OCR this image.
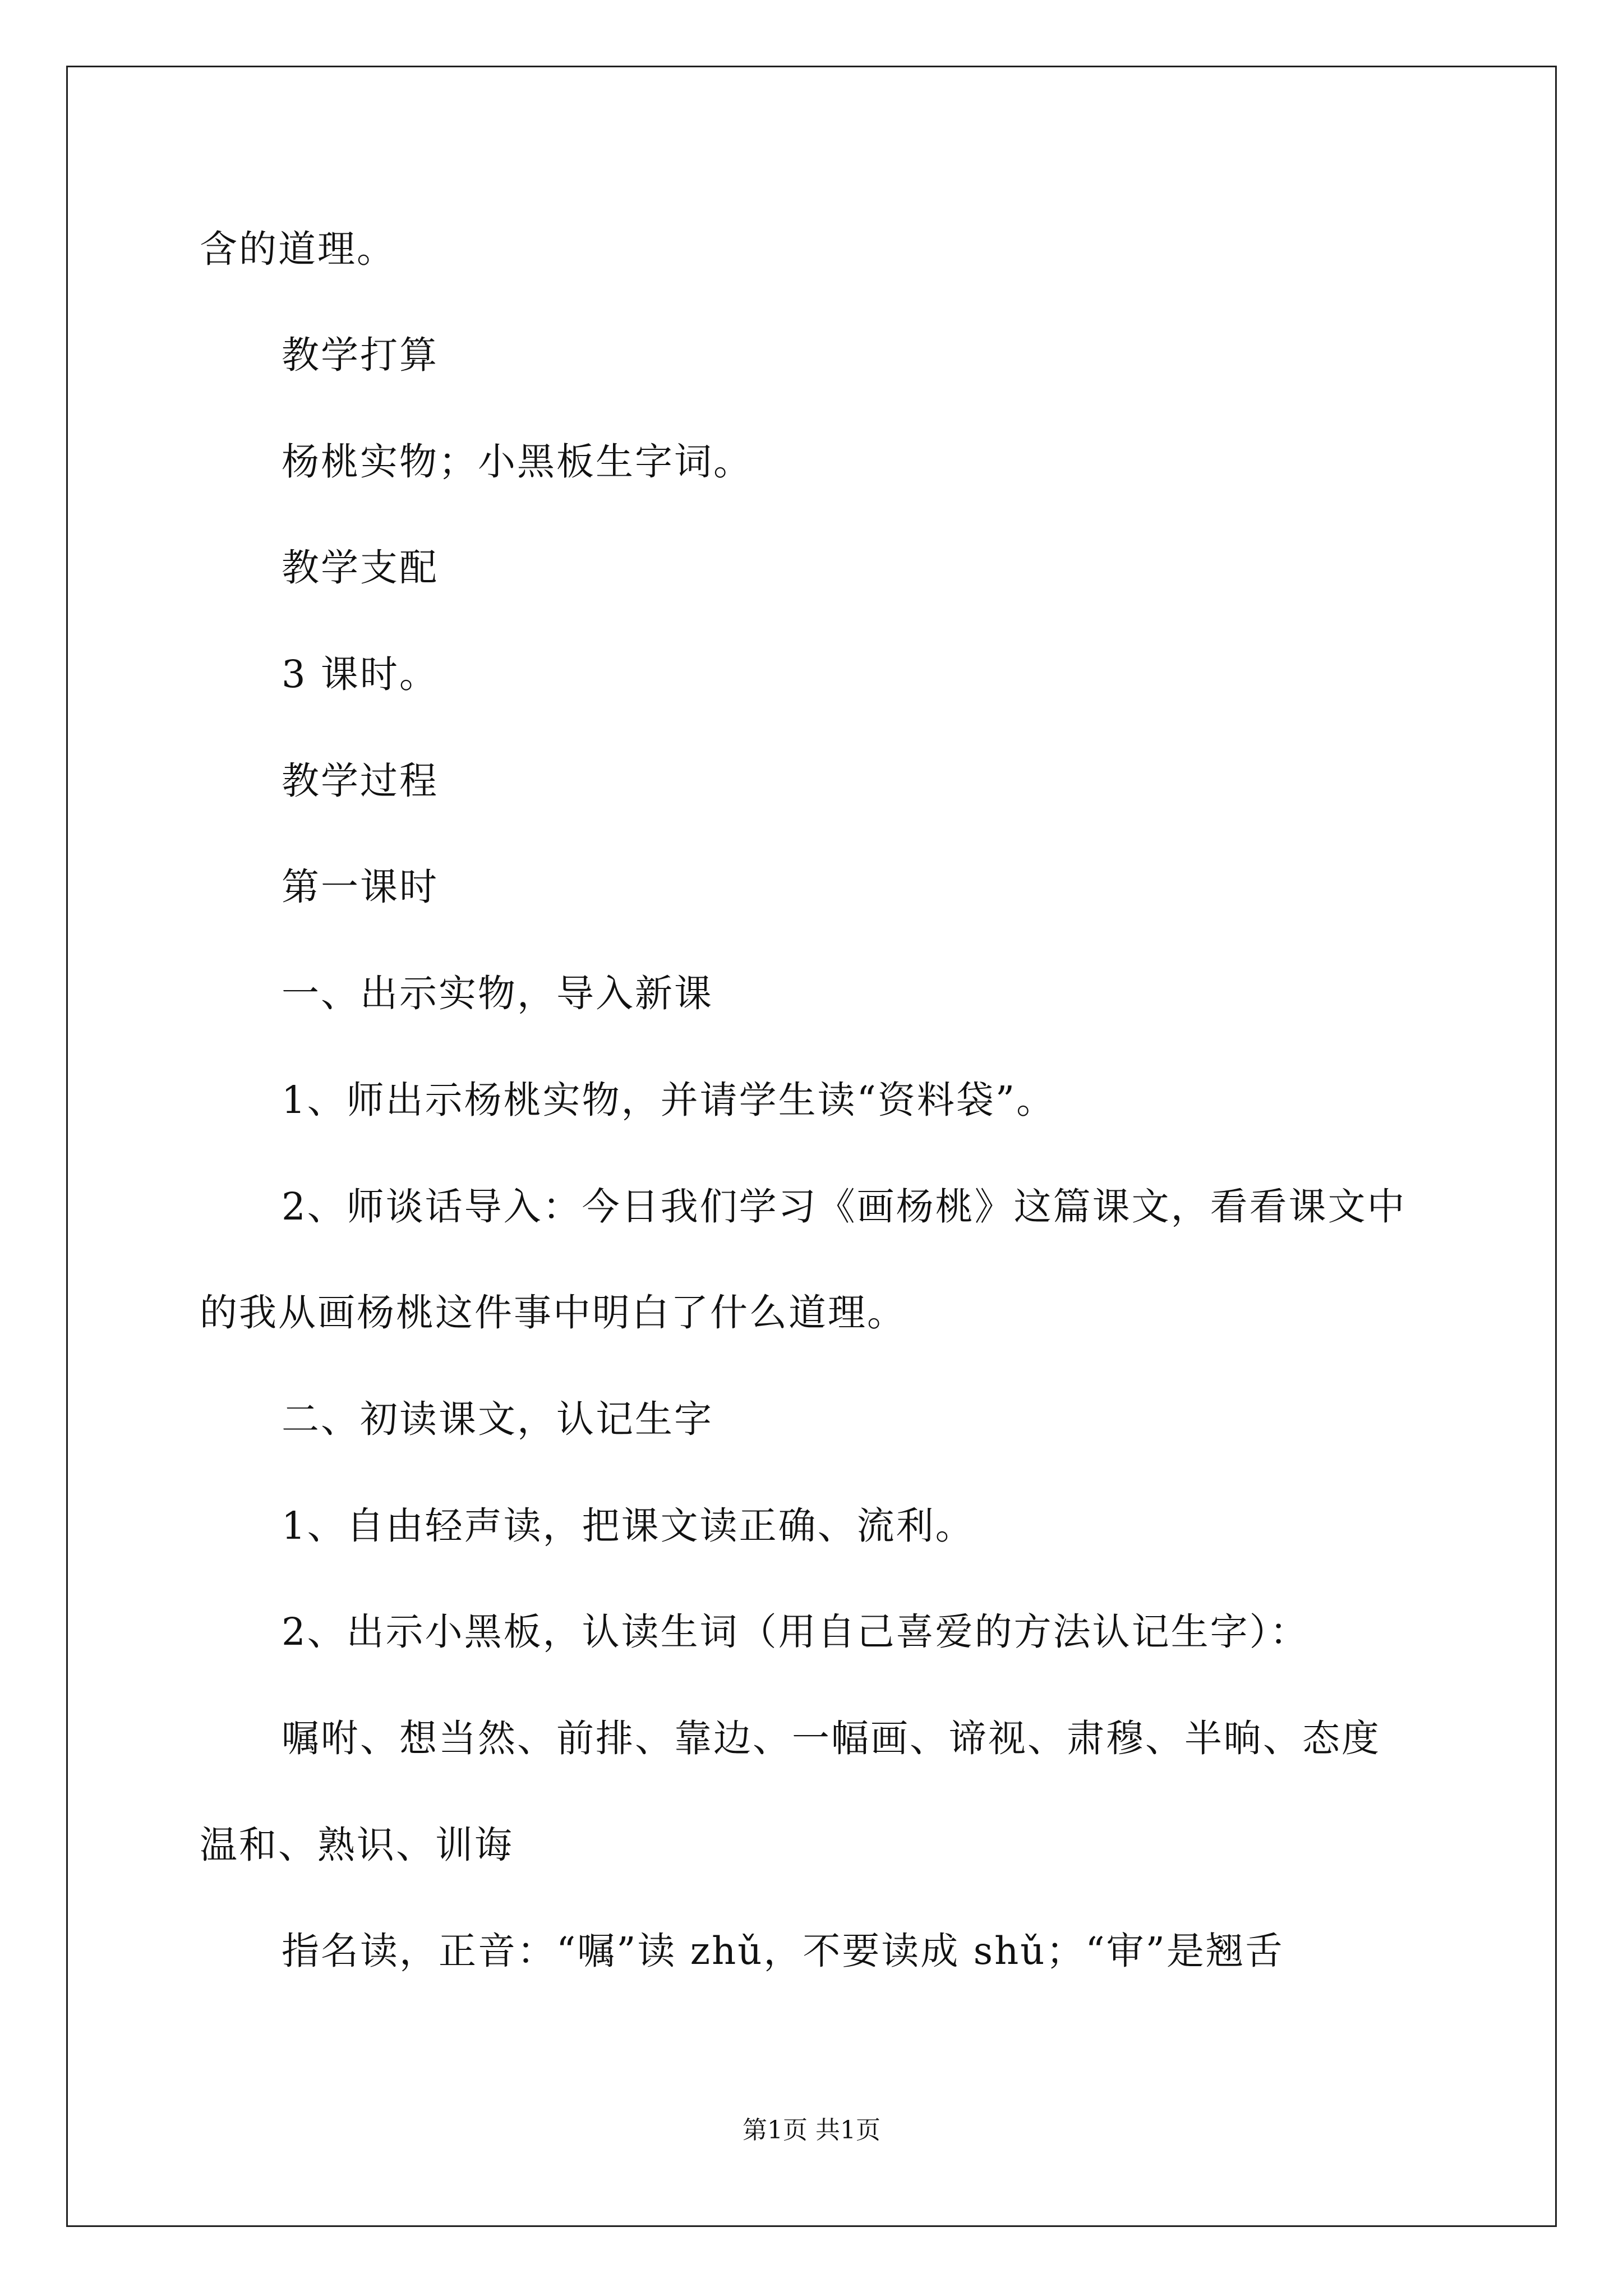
含的道理。
教学打算
杨桃实物；小黑板生字词。
教学支配
3 课时。
教学过程
第一课时
一、出示实物，导入新课
1、师出示杨桃实物，并请学生读“资料袋”。
2、师谈话导入：今日我们学习《画杨桃》这篇课文，看看课文中
的我从画杨桃这件事中明白了什么道理。
二、初读课文，认记生字
1、自由轻声读，把课文读正确、流利。
2、出示小黑板，认读生词（用自己喜爱的方法认记生字）：
嘱咐、想当然、前排、靠边、一幅画、谛视、肃穆、半晌、态度
温和、熟识、训诲
指名读，正音：“嘱”读 zhǔ，不要读成 shǔ；“审”是翘舌
第1页 共1页
